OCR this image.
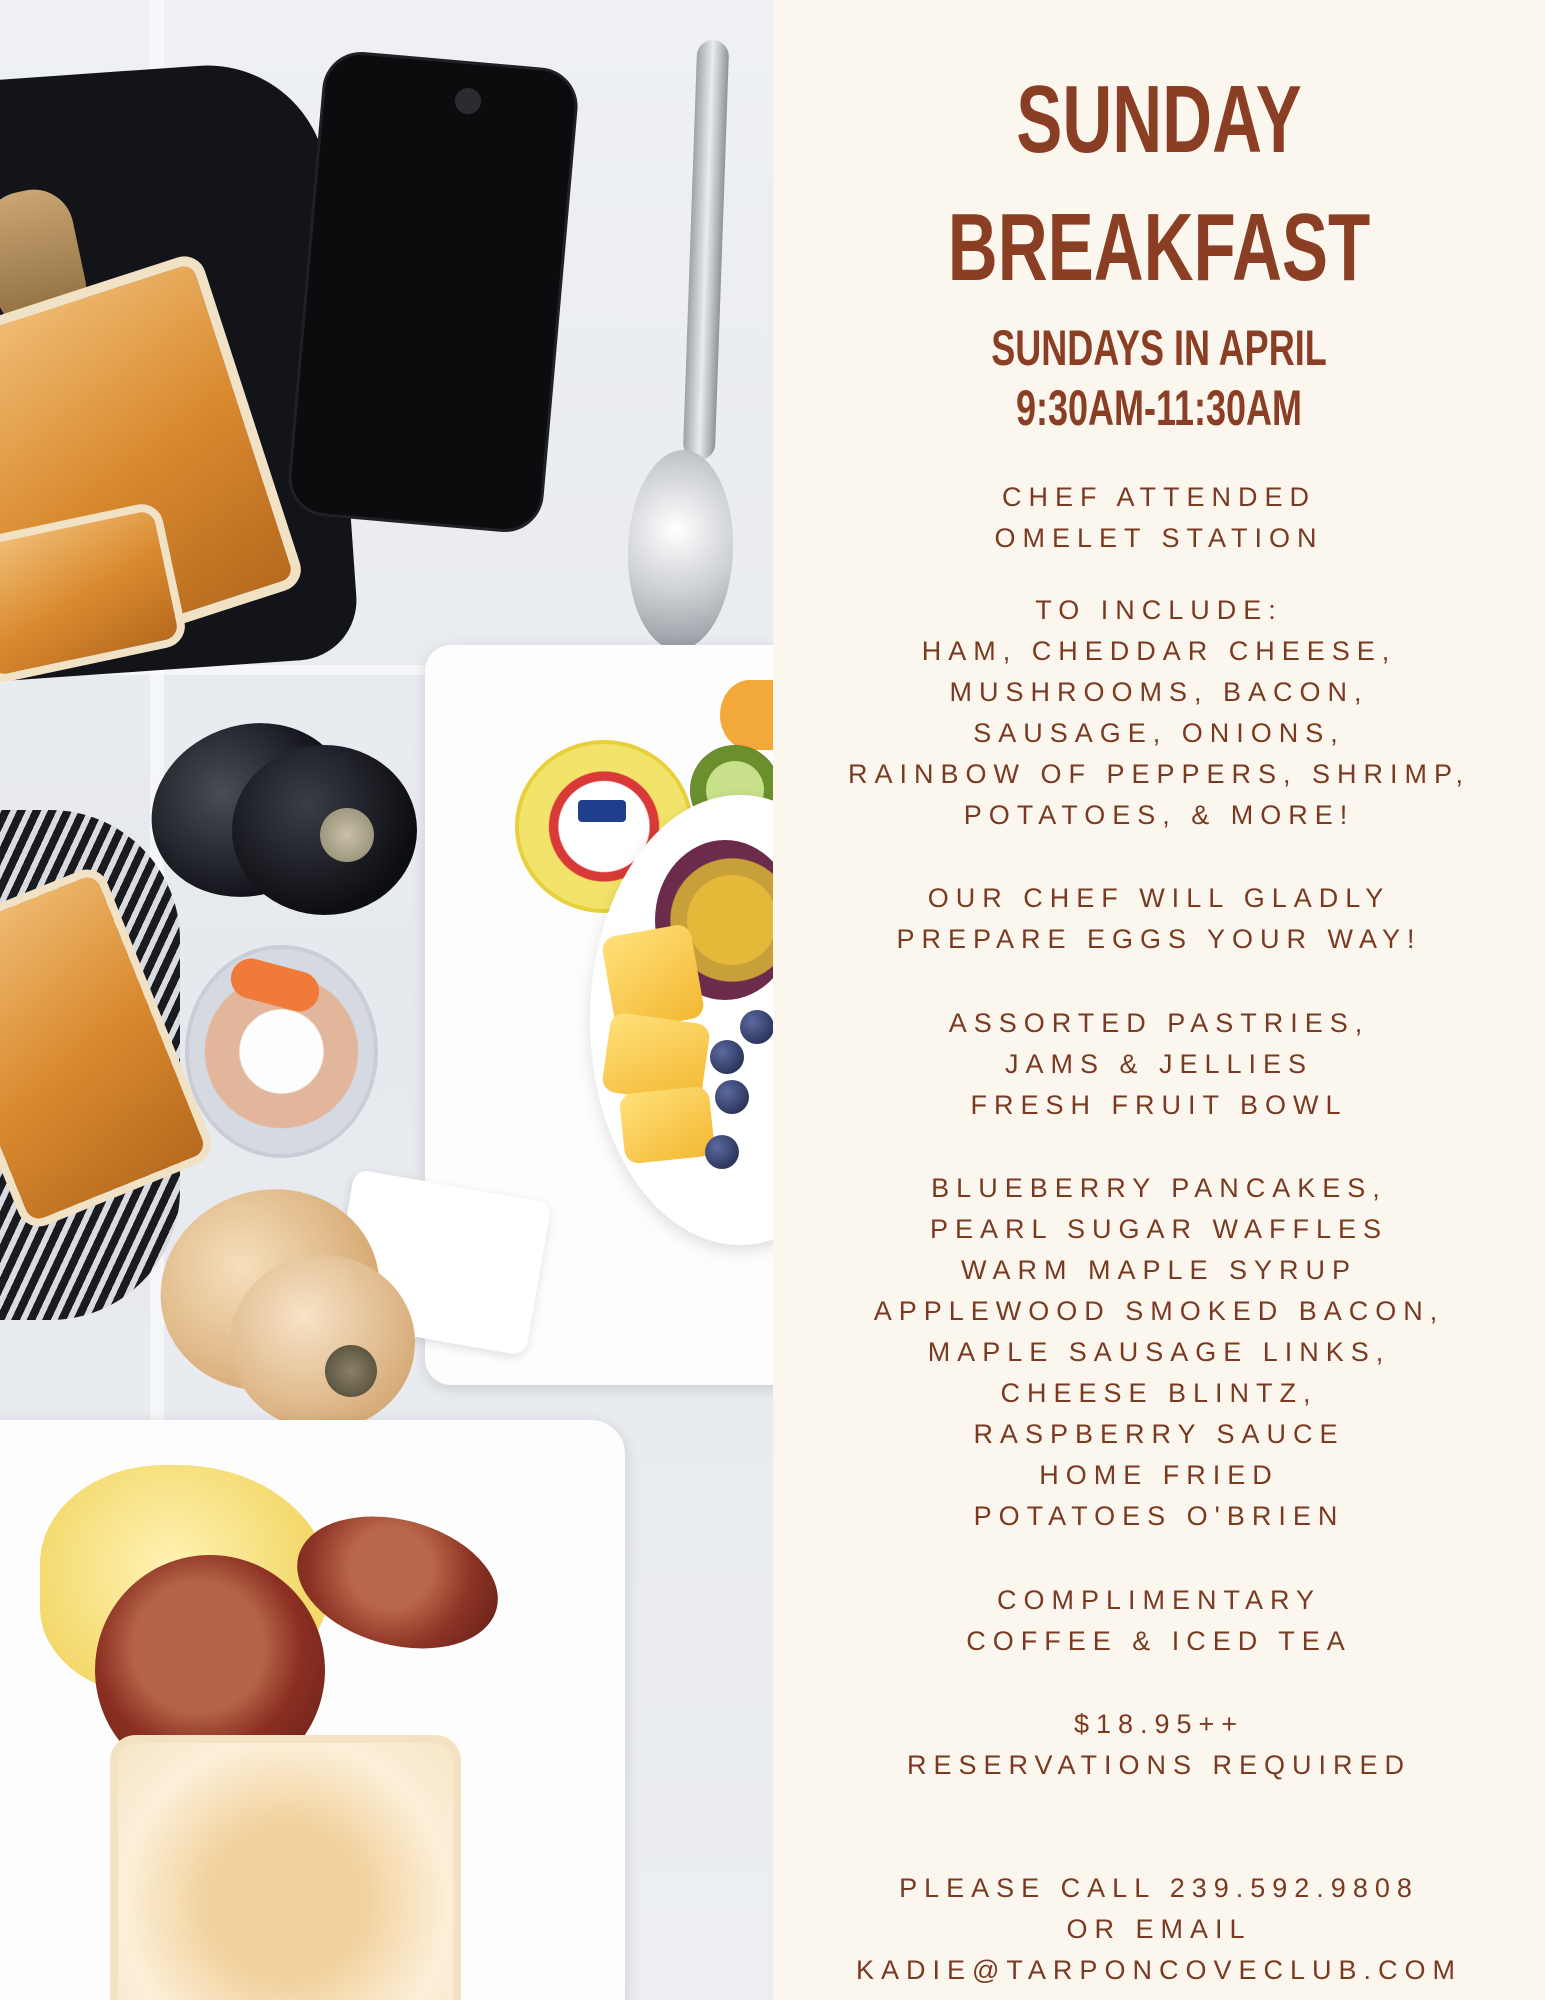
SUNDAY
BREAKFAST
SUNDAYS IN APRIL
9:30AM-11:30AM
CHEF ATTENDED
OMELET STATION
TO INCLUDE:
HAM, CHEDDAR CHEESE,
MUSHROOMS, BACON,
SAUSAGE, ONIONS,
RAINBOW OF PEPPERS, SHRIMP,
POTATOES, & MORE!
OUR CHEF WILL GLADLY
PREPARE EGGS YOUR WAY!
ASSORTED PASTRIES,
JAMS & JELLIES
FRESH FRUIT BOWL
BLUEBERRY PANCAKES,
PEARL SUGAR WAFFLES
WARM MAPLE SYRUP
APPLEWOOD SMOKED BACON,
MAPLE SAUSAGE LINKS,
CHEESE BLINTZ,
RASPBERRY SAUCE
HOME FRIED
POTATOES O'BRIEN
COMPLIMENTARY
COFFEE & ICED TEA
$18.95++
RESERVATIONS REQUIRED
PLEASE CALL 239.592.9808
OR EMAIL
KADIE@TARPONCOVECLUB.COM
